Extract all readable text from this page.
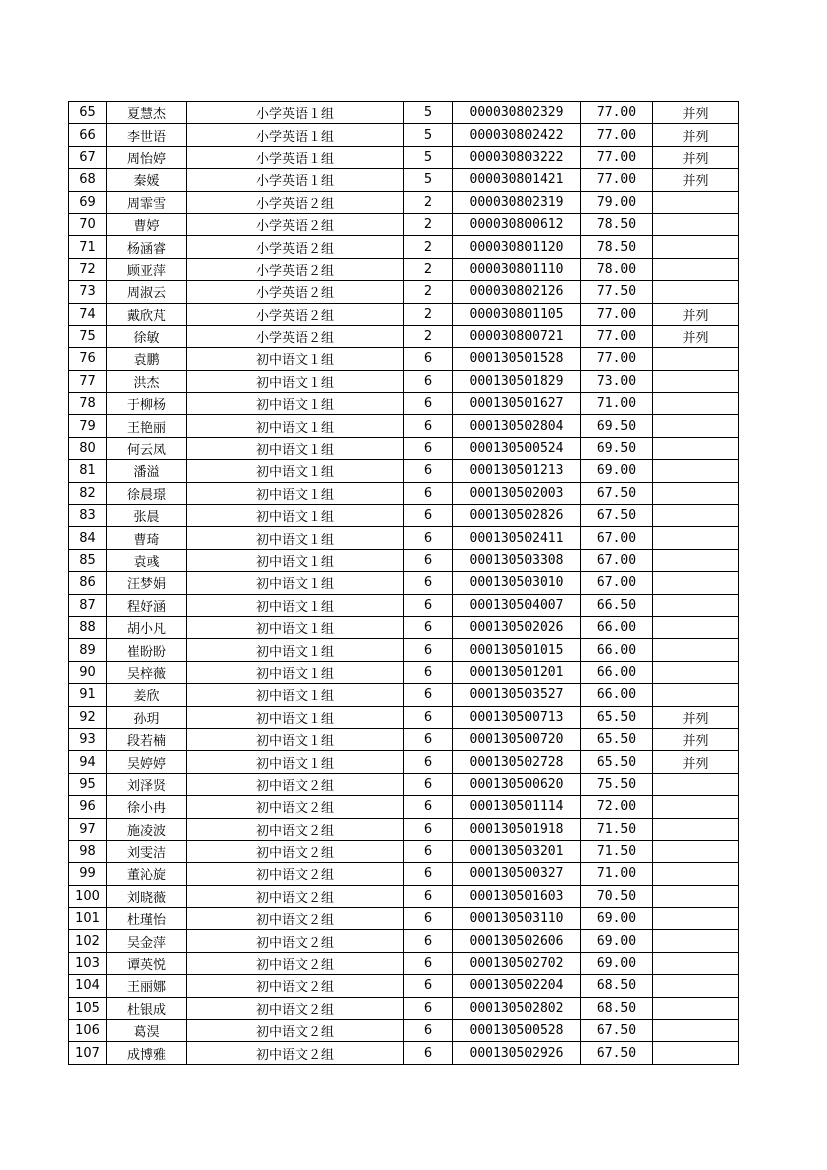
65	夏慧杰	小学英语１组	5	000030802329	77.00	并列
66	李世语	小学英语１组	5	000030802422	77.00	并列
67	周怡婷	小学英语１组	5	000030803222	77.00	并列
68	秦媛	小学英语１组	5	000030801421	77.00	并列
69	周霏雪	小学英语２组	2	000030802319	79.00	
70	曹婷	小学英语２组	2	000030800612	78.50	
71	杨涵睿	小学英语２组	2	000030801120	78.50	
72	顾亚萍	小学英语２组	2	000030801110	78.00	
73	周淑云	小学英语２组	2	000030802126	77.50	
74	戴欣芃	小学英语２组	2	000030801105	77.00	并列
75	徐敏	小学英语２组	2	000030800721	77.00	并列
76	袁鹏	初中语文１组	6	000130501528	77.00	
77	洪杰	初中语文１组	6	000130501829	73.00	
78	于柳杨	初中语文１组	6	000130501627	71.00	
79	王艳丽	初中语文１组	6	000130502804	69.50	
80	何云凤	初中语文１组	6	000130500524	69.50	
81	潘溢	初中语文１组	6	000130501213	69.00	
82	徐晨璟	初中语文１组	6	000130502003	67.50	
83	张晨	初中语文１组	6	000130502826	67.50	
84	曹琦	初中语文１组	6	000130502411	67.00	
85	袁彧	初中语文１组	6	000130503308	67.00	
86	汪梦娟	初中语文１组	6	000130503010	67.00	
87	程妤涵	初中语文１组	6	000130504007	66.50	
88	胡小凡	初中语文１组	6	000130502026	66.00	
89	崔盼盼	初中语文１组	6	000130501015	66.00	
90	吴梓薇	初中语文１组	6	000130501201	66.00	
91	姜欣	初中语文１组	6	000130503527	66.00	
92	孙玥	初中语文１组	6	000130500713	65.50	并列
93	段若楠	初中语文１组	6	000130500720	65.50	并列
94	吴婷婷	初中语文１组	6	000130502728	65.50	并列
95	刘泽贤	初中语文２组	6	000130500620	75.50	
96	徐小冉	初中语文２组	6	000130501114	72.00	
97	施凌波	初中语文２组	6	000130501918	71.50	
98	刘雯洁	初中语文２组	6	000130503201	71.50	
99	董沁旋	初中语文２组	6	000130500327	71.00	
100	刘晓薇	初中语文２组	6	000130501603	70.50	
101	杜瑾怡	初中语文２组	6	000130503110	69.00	
102	吴金萍	初中语文２组	6	000130502606	69.00	
103	谭英悦	初中语文２组	6	000130502702	69.00	
104	王丽娜	初中语文２组	6	000130502204	68.50	
105	杜银成	初中语文２组	6	000130502802	68.50	
106	葛淏	初中语文２组	6	000130500528	67.50	
107	成博雅	初中语文２组	6	000130502926	67.50	
